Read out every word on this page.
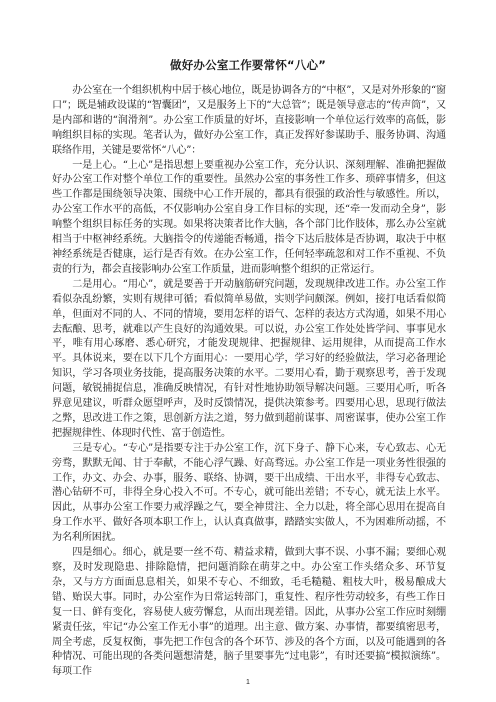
做好办公室工作要常怀“八心”

办公室在一个组织机构中居于核心地位，既是协调各方的“中枢”，又是对外形象的“窗口”；既是辅政设谋的“智囊团”，又是服务上下的“大总管”；既是领导意志的“传声筒”，又是内部和谐的“润滑剂”。办公室工作质量的好坏，直接影响一个单位运行效率的高低，影响组织目标的实现。笔者认为，做好办公室工作，真正发挥好参谋助手、服务协调、沟通联络作用，关键是要常怀“八心”：

一是上心。“上心”是指思想上要重视办公室工作，充分认识、深刻理解、准确把握做好办公室工作对整个单位工作的重要性。虽然办公室的事务性工作多、琐碎事情多，但这些工作都是围绕领导决策、围绕中心工作开展的，都具有很强的政治性与敏感性。所以，办公室工作水平的高低，不仅影响办公室自身工作目标的实现，还“牵一发而动全身”，影响整个组织目标任务的实现。如果将决策者比作大脑，各个部门比作肢体，那么办公室就相当于中枢神经系统。大脑指令的传递能否畅通，指令下达后肢体是否协调，取决于中枢神经系统是否健康，运行是否有效。在办公室工作，任何轻率疏忽和对工作不重视、不负责的行为，都会直接影响办公室工作质量，进而影响整个组织的正常运行。

二是用心。“用心”，就是要善于开动脑筋研究问题，发现规律改进工作。办公室工作看似杂乱纷繁，实则有规律可循；看似简单易做，实则学问颇深。例如，接打电话看似简单，但面对不同的人、不同的情境，要用怎样的语气、怎样的表达方式沟通，如果不用心去酝酿、思考，就难以产生良好的沟通效果。可以说，办公室工作处处皆学问、事事见水平，唯有用心琢磨、悉心研究，才能发现规律、把握规律、运用规律，从而提高工作水平。具体说来，要在以下几个方面用心：一要用心学，学习好的经验做法，学习必备理论知识，学习各项业务技能，提高服务决策的水平。二要用心看，勤于观察思考，善于发现问题，敏锐捕捉信息，准确反映情况，有针对性地协助领导解决问题。三要用心听，听各界意见建议，听群众愿望呼声，及时反馈情况，提供决策参考。四要用心思，思现行做法之弊，思改进工作之策，思创新方法之道，努力做到超前谋事、周密谋事，使办公室工作把握规律性、体现时代性、富于创造性。

三是专心。“专心”是指要专注于办公室工作，沉下身子、静下心来，专心致志、心无旁骛，默默无闻、甘于奉献，不能心浮气躁、好高骛远。办公室工作是一项业务性很强的工作，办文、办会、办事，服务、联络、协调，要干出成绩、干出水平，非得专心致志、潜心钻研不可，非得全身心投入不可。不专心，就可能出差错；不专心，就无法上水平。因此，从事办公室工作要力戒浮躁之气，要全神贯注、全力以赴，将全部心思用在提高自身工作水平、做好各项本职工作上，认认真真做事，踏踏实实做人，不为困难所动摇，不为名利所困扰。

四是细心。细心，就是要一丝不苟、精益求精，做到大事不误、小事不漏；要细心观察，及时发现隐患、排除隐情，把问题消除在萌芽之中。办公室工作头绪众多、环节复杂，又与方方面面息息相关，如果不专心、不细致，毛毛糙糙、粗枝大叶，极易酿成大错、贻误大事。同时，办公室作为日常运转部门，重复性、程序性劳动较多，有些工作日复一日、鲜有变化，容易使人疲劳懈怠，从而出现差错。因此，从事办公室工作应时刻绷紧责任弦，牢记“办公室工作无小事”的道理。出主意、做方案、办事情，都要缜密思考，周全考虑，反复权衡，事先把工作包含的各个环节、涉及的各个方面，以及可能遇到的各种情况、可能出现的各类问题想清楚，脑子里要事先“过电影”，有时还要搞“模拟演练”。每项工作

1
